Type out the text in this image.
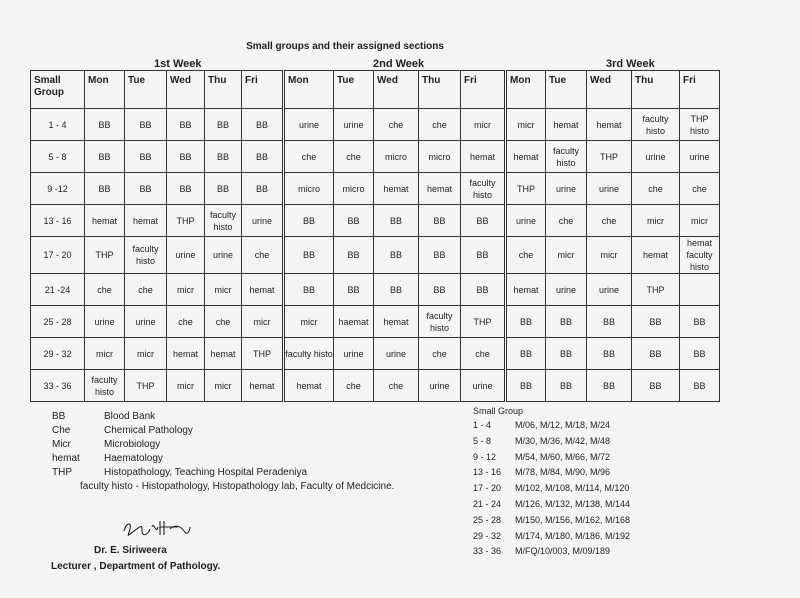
Small groups and their assigned sections
1st Week	2nd Week	3rd Week
Small Group	Mon	Tue	Wed	Thu	Fri	Mon	Tue	Wed	Thu	Fri	Mon	Tue	Wed	Thu	Fri
1 - 4	BB	BB	BB	BB	BB	urine	urine	che	che	micr	micr	hemat	hemat	faculty histo	THP histo
5 - 8	BB	BB	BB	BB	BB	che	che	micro	micro	hemat	hemat	faculty histo	THP	urine	urine
9 -12	BB	BB	BB	BB	BB	micro	micro	hemat	hemat	faculty histo	THP	urine	urine	che	che
13 - 16	hemat	hemat	THP	faculty histo	urine	BB	BB	BB	BB	BB	urine	che	che	micr	micr
17 - 20	THP	faculty histo	urine	urine	che	BB	BB	BB	BB	BB	che	micr	micr	hemat	hemat faculty histo
21 -24	che	che	micr	micr	hemat	BB	BB	BB	BB	BB	hemat	urine	urine	THP	
25 - 28	urine	urine	che	che	micr	micr	haemat	hemat	faculty histo	THP	BB	BB	BB	BB	BB
29 - 32	micr	micr	hemat	hemat	THP	faculty histo	urine	urine	che	che	BB	BB	BB	BB	BB
33 - 36	faculty histo	THP	micr	micr	hemat	hemat	che	che	urine	urine	BB	BB	BB	BB	BB
BB	Blood Bank
Che	Chemical Pathology
Micr	Microbiology
hemat Haematology
THP	Histopathology, Teaching Hospital Peradeniya
faculty histo - Histopathology, Histopathology lab, Faculty of Medcicine.
Small Group
1 - 4	M/06, M/12, M/18, M/24
5 - 8	M/30, M/36, M/42, M/48
9 - 12 M/54, M/60, M/66, M/72
13 - 16 M/78, M/84, M/90, M/96
17 - 20 M/102, M/108, M/114, M/120
21 - 24 M/126, M/132, M/138, M/144
25 - 28 M/150, M/156, M/162, M/168
29 - 32 M/174, M/180, M/186, M/192
33 - 36 M/FQ/10/003, M/09/189
Dr. E. Siriweera
Lecturer , Department of Pathology.
